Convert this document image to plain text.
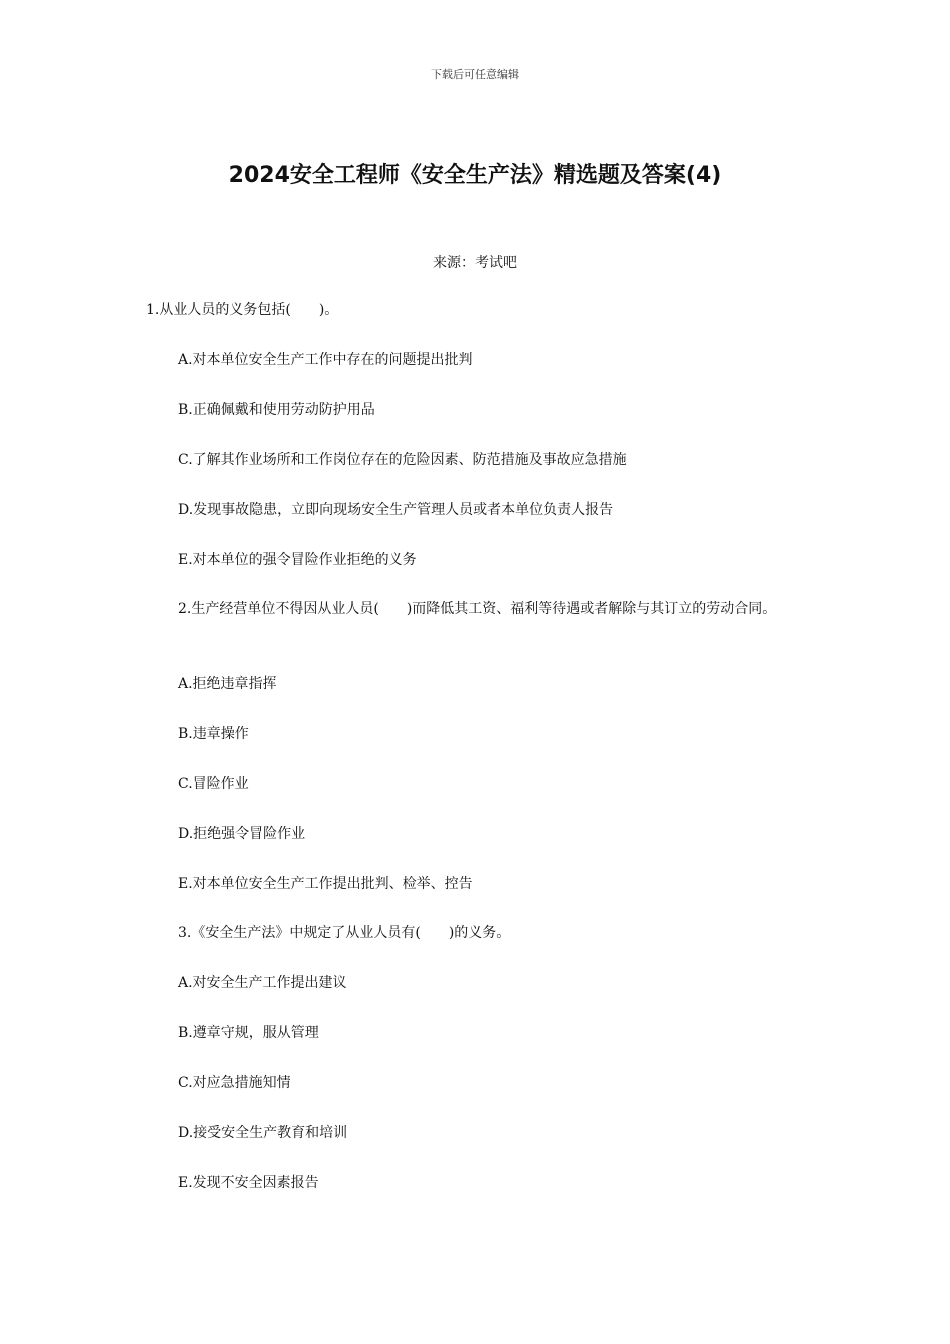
下载后可任意编辑
2024安全工程师《安全生产法》精选题及答案(4)
来源：考试吧
1.从业人员的义务包括(　　)。
A.对本单位安全生产工作中存在的问题提出批判
B.正确佩戴和使用劳动防护用品
C.了解其作业场所和工作岗位存在的危险因素、防范措施及事故应急措施
D.发现事故隐患，立即向现场安全生产管理人员或者本单位负责人报告
E.对本单位的强令冒险作业拒绝的义务
2.生产经营单位不得因从业人员(　　)而降低其工资、福利等待遇或者解除与其订立的劳动合同。
A.拒绝违章指挥
B.违章操作
C.冒险作业
D.拒绝强令冒险作业
E.对本单位安全生产工作提出批判、检举、控告
3.《安全生产法》中规定了从业人员有(　　)的义务。
A.对安全生产工作提出建议
B.遵章守规，服从管理
C.对应急措施知情
D.接受安全生产教育和培训
E.发现不安全因素报告
